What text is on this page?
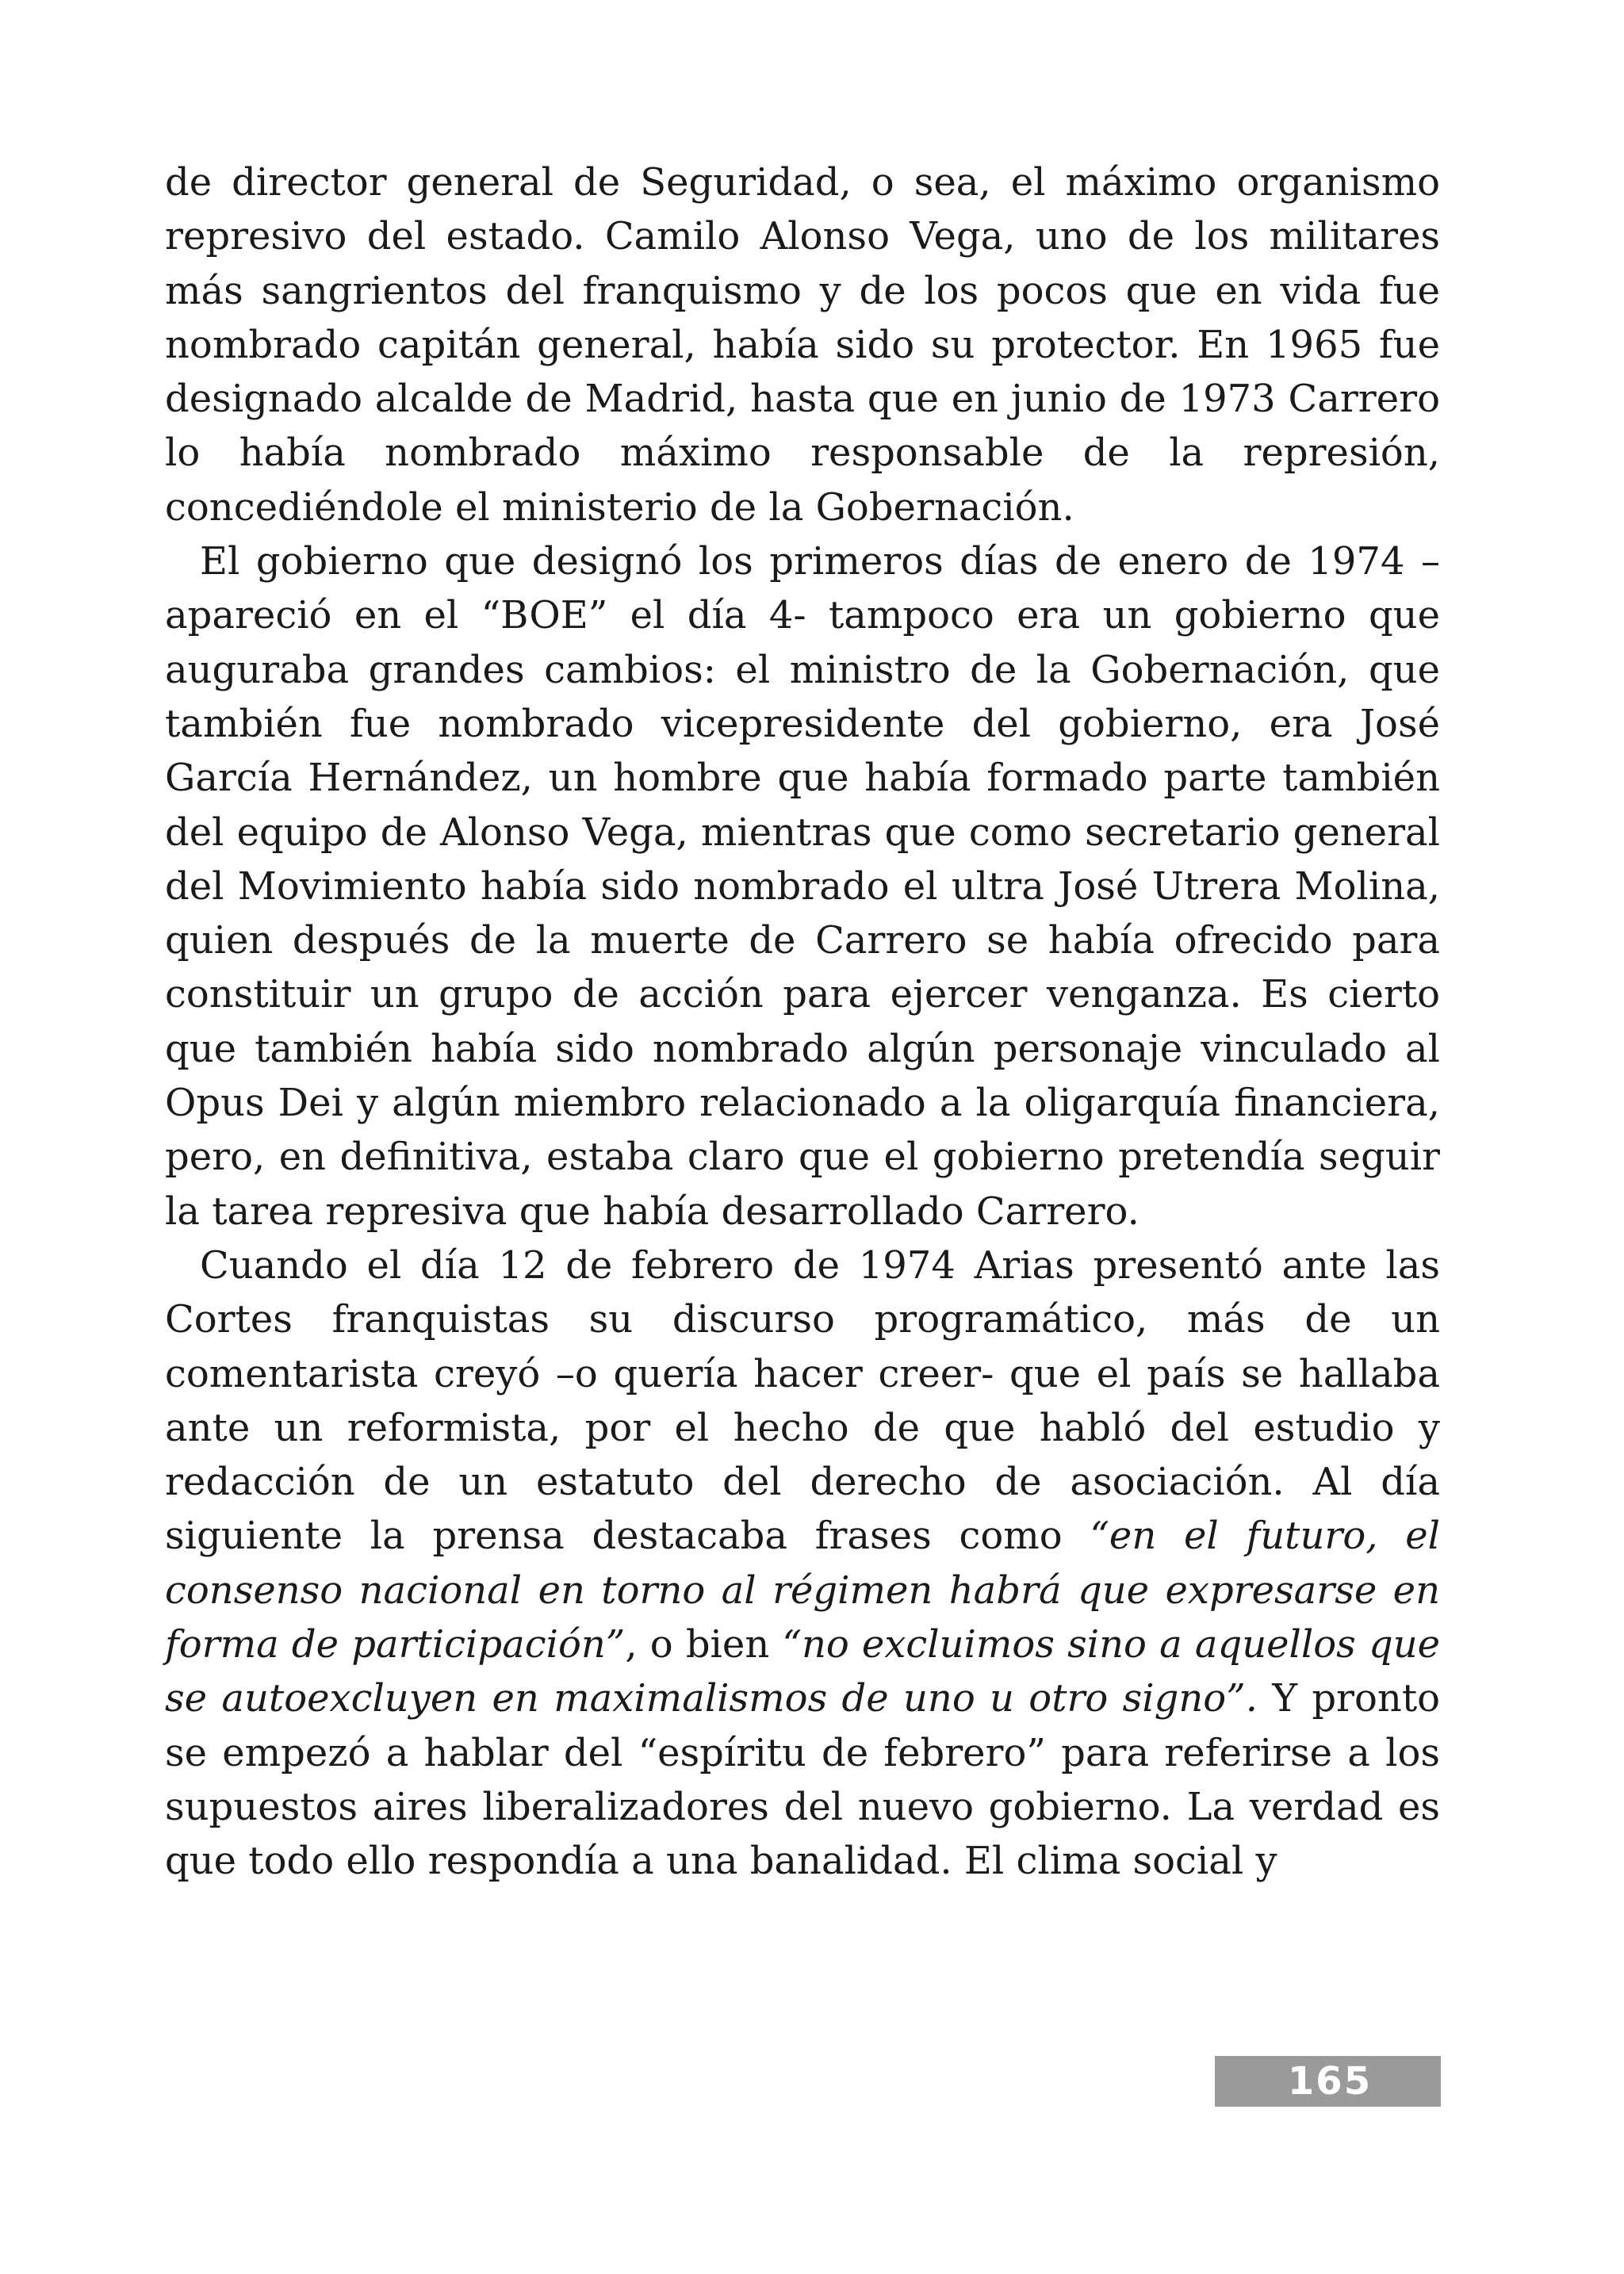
de director general de Seguridad, o sea, el máximo organismo represivo del estado. Camilo Alonso Vega, uno de los militares más sangrientos del franquismo y de los pocos que en vida fue nombrado capitán general, había sido su protector. En 1965 fue designado alcalde de Madrid, hasta que en junio de 1973 Carrero lo había nombrado máximo responsable de la represión, concediéndole el ministerio de la Gobernación.

El gobierno que designó los primeros días de enero de 1974 –apareció en el “BOE” el día 4- tampoco era un gobierno que auguraba grandes cambios: el ministro de la Gobernación, que también fue nombrado vicepresidente del gobierno, era José García Hernández, un hombre que había formado parte también del equipo de Alonso Vega, mientras que como secretario general del Movimiento había sido nombrado el ultra José Utrera Molina, quien después de la muerte de Carrero se había ofrecido para constituir un grupo de acción para ejercer venganza. Es cierto que también había sido nombrado algún personaje vinculado al Opus Dei y algún miembro relacionado a la oligarquía financiera, pero, en definitiva, estaba claro que el gobierno pretendía seguir la tarea represiva que había desarrollado Carrero.

Cuando el día 12 de febrero de 1974 Arias presentó ante las Cortes franquistas su discurso programático, más de un comentarista creyó –o quería hacer creer- que el país se hallaba ante un reformista, por el hecho de que habló del estudio y redacción de un estatuto del derecho de asociación. Al día siguiente la prensa destacaba frases como “en el futuro, el consenso nacional en torno al régimen habrá que expresarse en forma de participación”, o bien “no excluimos sino a aquellos que se autoexcluyen en maximalismos de uno u otro signo”. Y pronto se empezó a hablar del “espíritu de febrero” para referirse a los supuestos aires liberalizadores del nuevo gobierno. La verdad es que todo ello respondía a una banalidad. El clima social y

165
